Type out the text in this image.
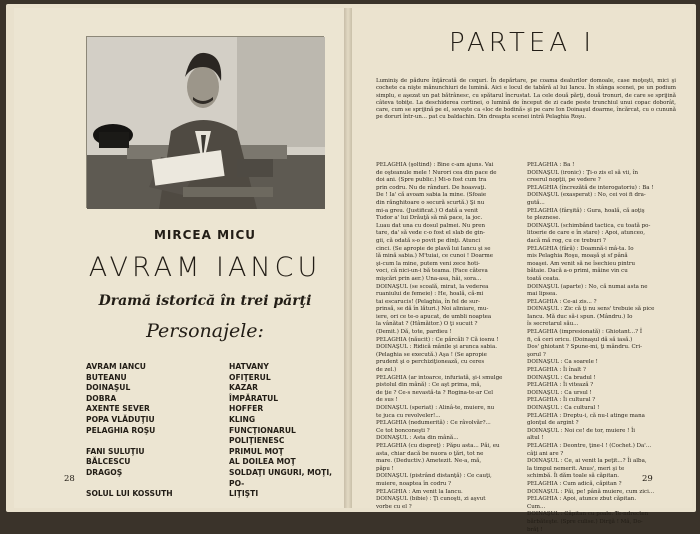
MIRCEA MICU
AVRAM IANCU
Dramă istorică în trei părţi
Personajele:
AVRAM IANCU	HATVANY
BUTEANU	OFIŢERUL
DOINAŞUL	KAZAR
DOBRA	ÎMPĂRATUL
AXENTE SEVER	HOFFER
POPA VLĂDUŢIU	KLING
PELAGHIA ROŞU	FUNCŢIONARUL POLIŢIENESC
FANI SULUŢIU	PRIMUL MOŢ
BĂLCESCU	AL DOILEA MOŢ
DRAGOŞ	SOLDAŢI UNGURI, MOŢI, PO-
SOLUL LUI KOSSUTH	LIŢIŞTI
28
PARTEA I
Luminiş de pădure înţărcată de cequri. În depărtare, pe coama dealurilor domoale, case moţeşti, mici şi cochete ca nişte mănunchiuri de lumină. Aici e locul de tabără al lui Iancu. În stânga scenei, pe un podium simplu, e aşezat un pat bătrânesc, cu spătarul încrustat. La cele două părţi, două tronuri, de care se sprijină câteva tobiţe. La deschiderea cortinei, o lumină de început de zi cade peste trunchiul unui copac doborât, care, cum se sprijină pe el, seveşte ca «loc de bodină» şi pe care Ion Doinaşul doarme, încărcat, cu o cunună pe doruri într-un... pat cu baldachin. Din dreapta scenei intră Pelaghia Roşu.
PELAGHIA (şoltind) : Bine c-am ajuns. Vai
de oşteanule mele ! Nurori cea din pace de
doi ani. (Spre public.) Mi-o fost cum tra
prin codru. Nu de rânduri. De hoasvaţi.
De ! Ia' că avoam sabia la mine. (Sfoaie
din rănghitoare o secură scurtă.) Şi nu
mi-a greu. (Justificat.) O dată a venit
Tudor a' lui Drăuţă să mă pace, la joc.
Luau dat una cu dosul palmei. Nu pren
tare, da' să vede c-o fost el slab de gin-
gii, că odată s-o povit pe dinţi. Atunci
cinci. (Se apropie de plavă lui Iancu şi se
lă mină sabia.) M'tuiai, ce cunoi ! Doarme
şi-cum la mine, putem veni zece hoti-
voci, că nici-un-i bă teama. (Face câteva
mişcări prin aer.) Una-asa, hâi, sora...
DOINAŞUL (se scoală, mirat, la vederea
ruaniului de femeie) : He, hoală, că-mi
tai escarucis! (Pelaghia, în fel de sur-
prinsă, se dă în lături.) Noi aliniare, mu-
iere, ori ce te-o apucat, de umbli noaptea
la vânătat ? (Hâmăitor.) O ţi sucuit ?
(Demit.) Dă, tote, pardieu !
PELAGHIA (năucit) : Ce părcăli ? Că iosnu !
DOINAŞUL : Ridică mânile şi arunca sabia.
(Pelaghia se execută.) Aşa ! (Se apropie
prudent şi o perchiziţionează, cu ceres
de zel.)
PELAGHIA (ar intoarce, infuriată, şi-i smulge
pistolul din mână) : Ce aşt prima, mă,
de ţie ? Ce-s nevastă-ta ? Rogina-te-ar Cel
de sus !
DOINAŞUL (speriat) : Alinâ-te, muiere, nu
te juca cu revolveler!...
PELAGHIA (nedumerită) : Ce râvolvăr?...
Ce tot bonconeşti ?
DOINAŞUL : Asta din mână...
PELAGHIA (cu dispreţ) : Păpu asta... Păi, eu
asta, chiar dacă be nuora o ţări, tot ne
mare. (Deductiv.) Ametezit. Ne-a, mă,
păpu !
DOINAŞUL (pistrând distanţă) : Ce cauţi,
muiere, noaptea în codru ?
PELAGHIA : Am venit la Iancu.
DOINAŞUL (bibie) : Ţi cunoşti, zi aşvut
vorbe cu el ?
PELAGHIA : Ba !
DOINAŞUL (ironic) : Ţi-o zis el să vii, în
creerul nopţii, pe vedere ?
PELAGHIA (încrezătă de interogatoriu) : Ba !
DOINAŞUL (exasperat) : No, cei voi fi dra-
gută...
PELAGHIA (fârşită) : Gura, hoală, că aoţiş
te pleznese.
DOINAŞUL (schimbând tactica, cu toată po-
litoerie de care e în stare) : Apoi, atunceo,
dacă mă rog, cu ce treburi ?
PELAGHIA (fâră) : Doamnă-i mâ-ta. Io
mis Pelaghia Roşu, moaşă şi sf până
moaşei. Am venit să ne îsechieu pintru
bătaie. Dacă a-o primi, mâine vin cu
toată ceata.
DOINAŞUL (aparte) : No, că numai asta ne
mai lipsea.
PELAGHIA : Ce-ai zis... ?
DOINAŞUL : Zic că ţi nu sens' trebuie să pice
Iancu. Mă duc să-i spun. (Mândru.) Io
îs secretarul său...
PELAGHIA (impresionată) : Ghiotant...? Î
fi, că ceri oricu. (Doinaşul dă să iasă.)
Dos' ghiotant ? Spune-mi, ţi mândru. Cri-
şorul ?
DOINAŞUL : Ca soarele !
PELAGHIA : Îi înalt ?
DOINAŞUL : Ca bradul !
PELAGHIA : Îi vitează ?
DOINAŞUL : Ca ursul !
PELAGHIA : Îi cultural ?
DOINAŞUL : Ca cultural !
PELAGHIA : Dreptu-i, că nu-l atinge mana
glonţul de argint ?
DOINAŞUL : Noi ce! de tor, muiere ! Îi
altul !
PELAGHIA : Deontre, ţine-l ! (Cochet.) Da'...
câţi ani are ?
DOINAŞUL : Ce, ai venit la peţit...? Îi alba,
la timpul nemerit. Anus', meri şi te
schimbă. Îi dăm toale să căpitan.
PELAGHIA : Cum adică, căpitan ?
DOINAŞUL : Păi, pe! până muiere, cum zici...
PELAGHIA : Apoi, atunce zbut căpitan.
Cum...
DOINAŞUL : Căpitan cu poale. Te-ndrecten
bărbăteşte. (Spre culise.) Dirijă ! Mă, Do-
brăţ !
29
